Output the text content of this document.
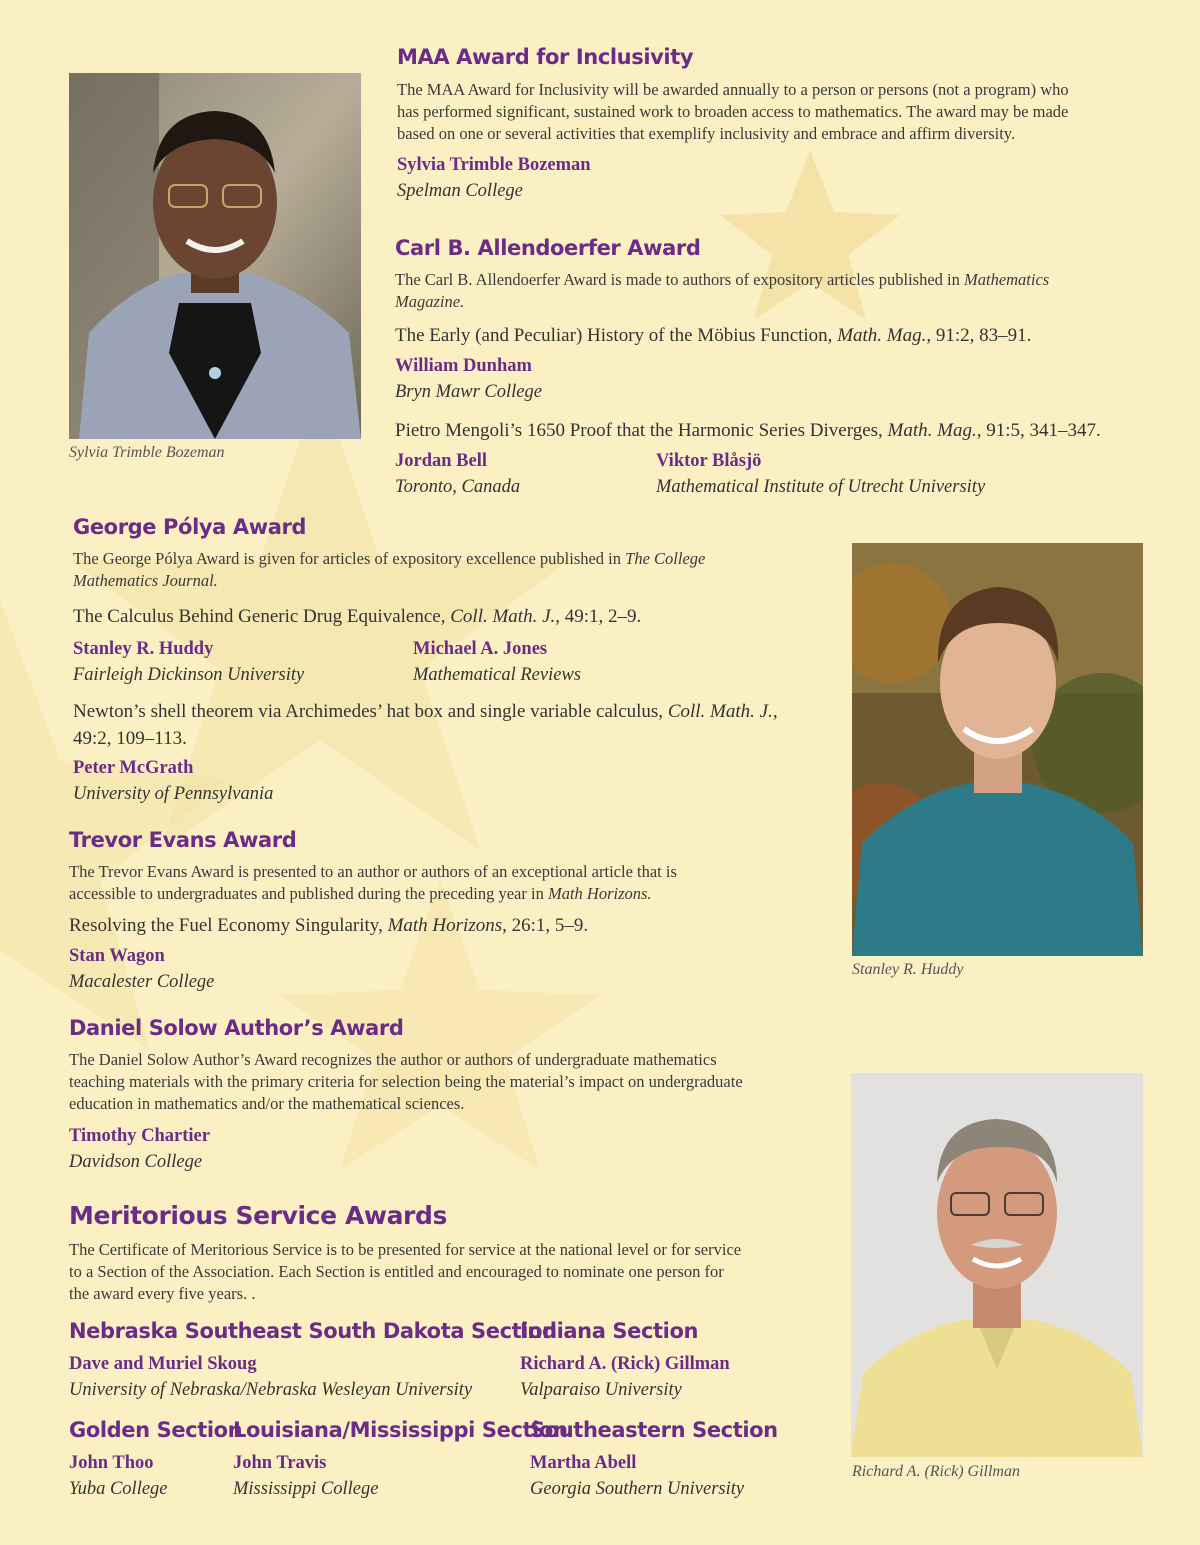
Sylvia Trimble Bozeman
Stanley R. Huddy
Richard A. (Rick) Gillman
MAA Award for Inclusivity
The MAA Award for Inclusivity will be awarded annually to a person or persons (not a program) who
has performed significant, sustained work to broaden access to mathematics. The award may be made
based on one or several activities that exemplify inclusivity and embrace and affirm diversity.
Sylvia Trimble Bozeman
Spelman College
Carl B. Allendoerfer Award
The Carl B. Allendoerfer Award is made to authors of expository articles published in Mathematics
Magazine.
The Early (and Peculiar) History of the Möbius Function, Math. Mag., 91:2, 83–91.
William Dunham
Bryn Mawr College
Pietro Mengoli’s 1650 Proof that the Harmonic Series Diverges, Math. Mag., 91:5, 341–347.
Jordan Bell
Toronto, Canada
Viktor Blåsjö
Mathematical Institute of Utrecht University
George Pólya Award
The George Pólya Award is given for articles of expository excellence published in The College
Mathematics Journal.
The Calculus Behind Generic Drug Equivalence, Coll. Math. J., 49:1, 2–9.
Stanley R. Huddy
Fairleigh Dickinson University
Michael A. Jones
Mathematical Reviews
Newton’s shell theorem via Archimedes’ hat box and single variable calculus, Coll. Math. J.,
49:2, 109–113.
Peter McGrath
University of Pennsylvania
Trevor Evans Award
The Trevor Evans Award is presented to an author or authors of an exceptional article that is
accessible to undergraduates and published during the preceding year in Math Horizons.
Resolving the Fuel Economy Singularity, Math Horizons, 26:1, 5–9.
Stan Wagon
Macalester College
Daniel Solow Author’s Award
The Daniel Solow Author’s Award recognizes the author or authors of undergraduate mathematics
teaching materials with the primary criteria for selection being the material’s impact on undergraduate
education in mathematics and/or the mathematical sciences.
Timothy Chartier
Davidson College
Meritorious Service Awards
The Certificate of Meritorious Service is to be presented for service at the national level or for service
to a Section of the Association. Each Section is entitled and encouraged to nominate one person for
the award every five years. .
Nebraska Southeast South Dakota Section
Dave and Muriel Skoug
University of Nebraska/Nebraska Wesleyan University
Indiana Section
Richard A. (Rick) Gillman
Valparaiso University
Golden Section
John Thoo
Yuba College
Louisiana/Mississippi Section
John Travis
Mississippi College
Southeastern Section
Martha Abell
Georgia Southern University
